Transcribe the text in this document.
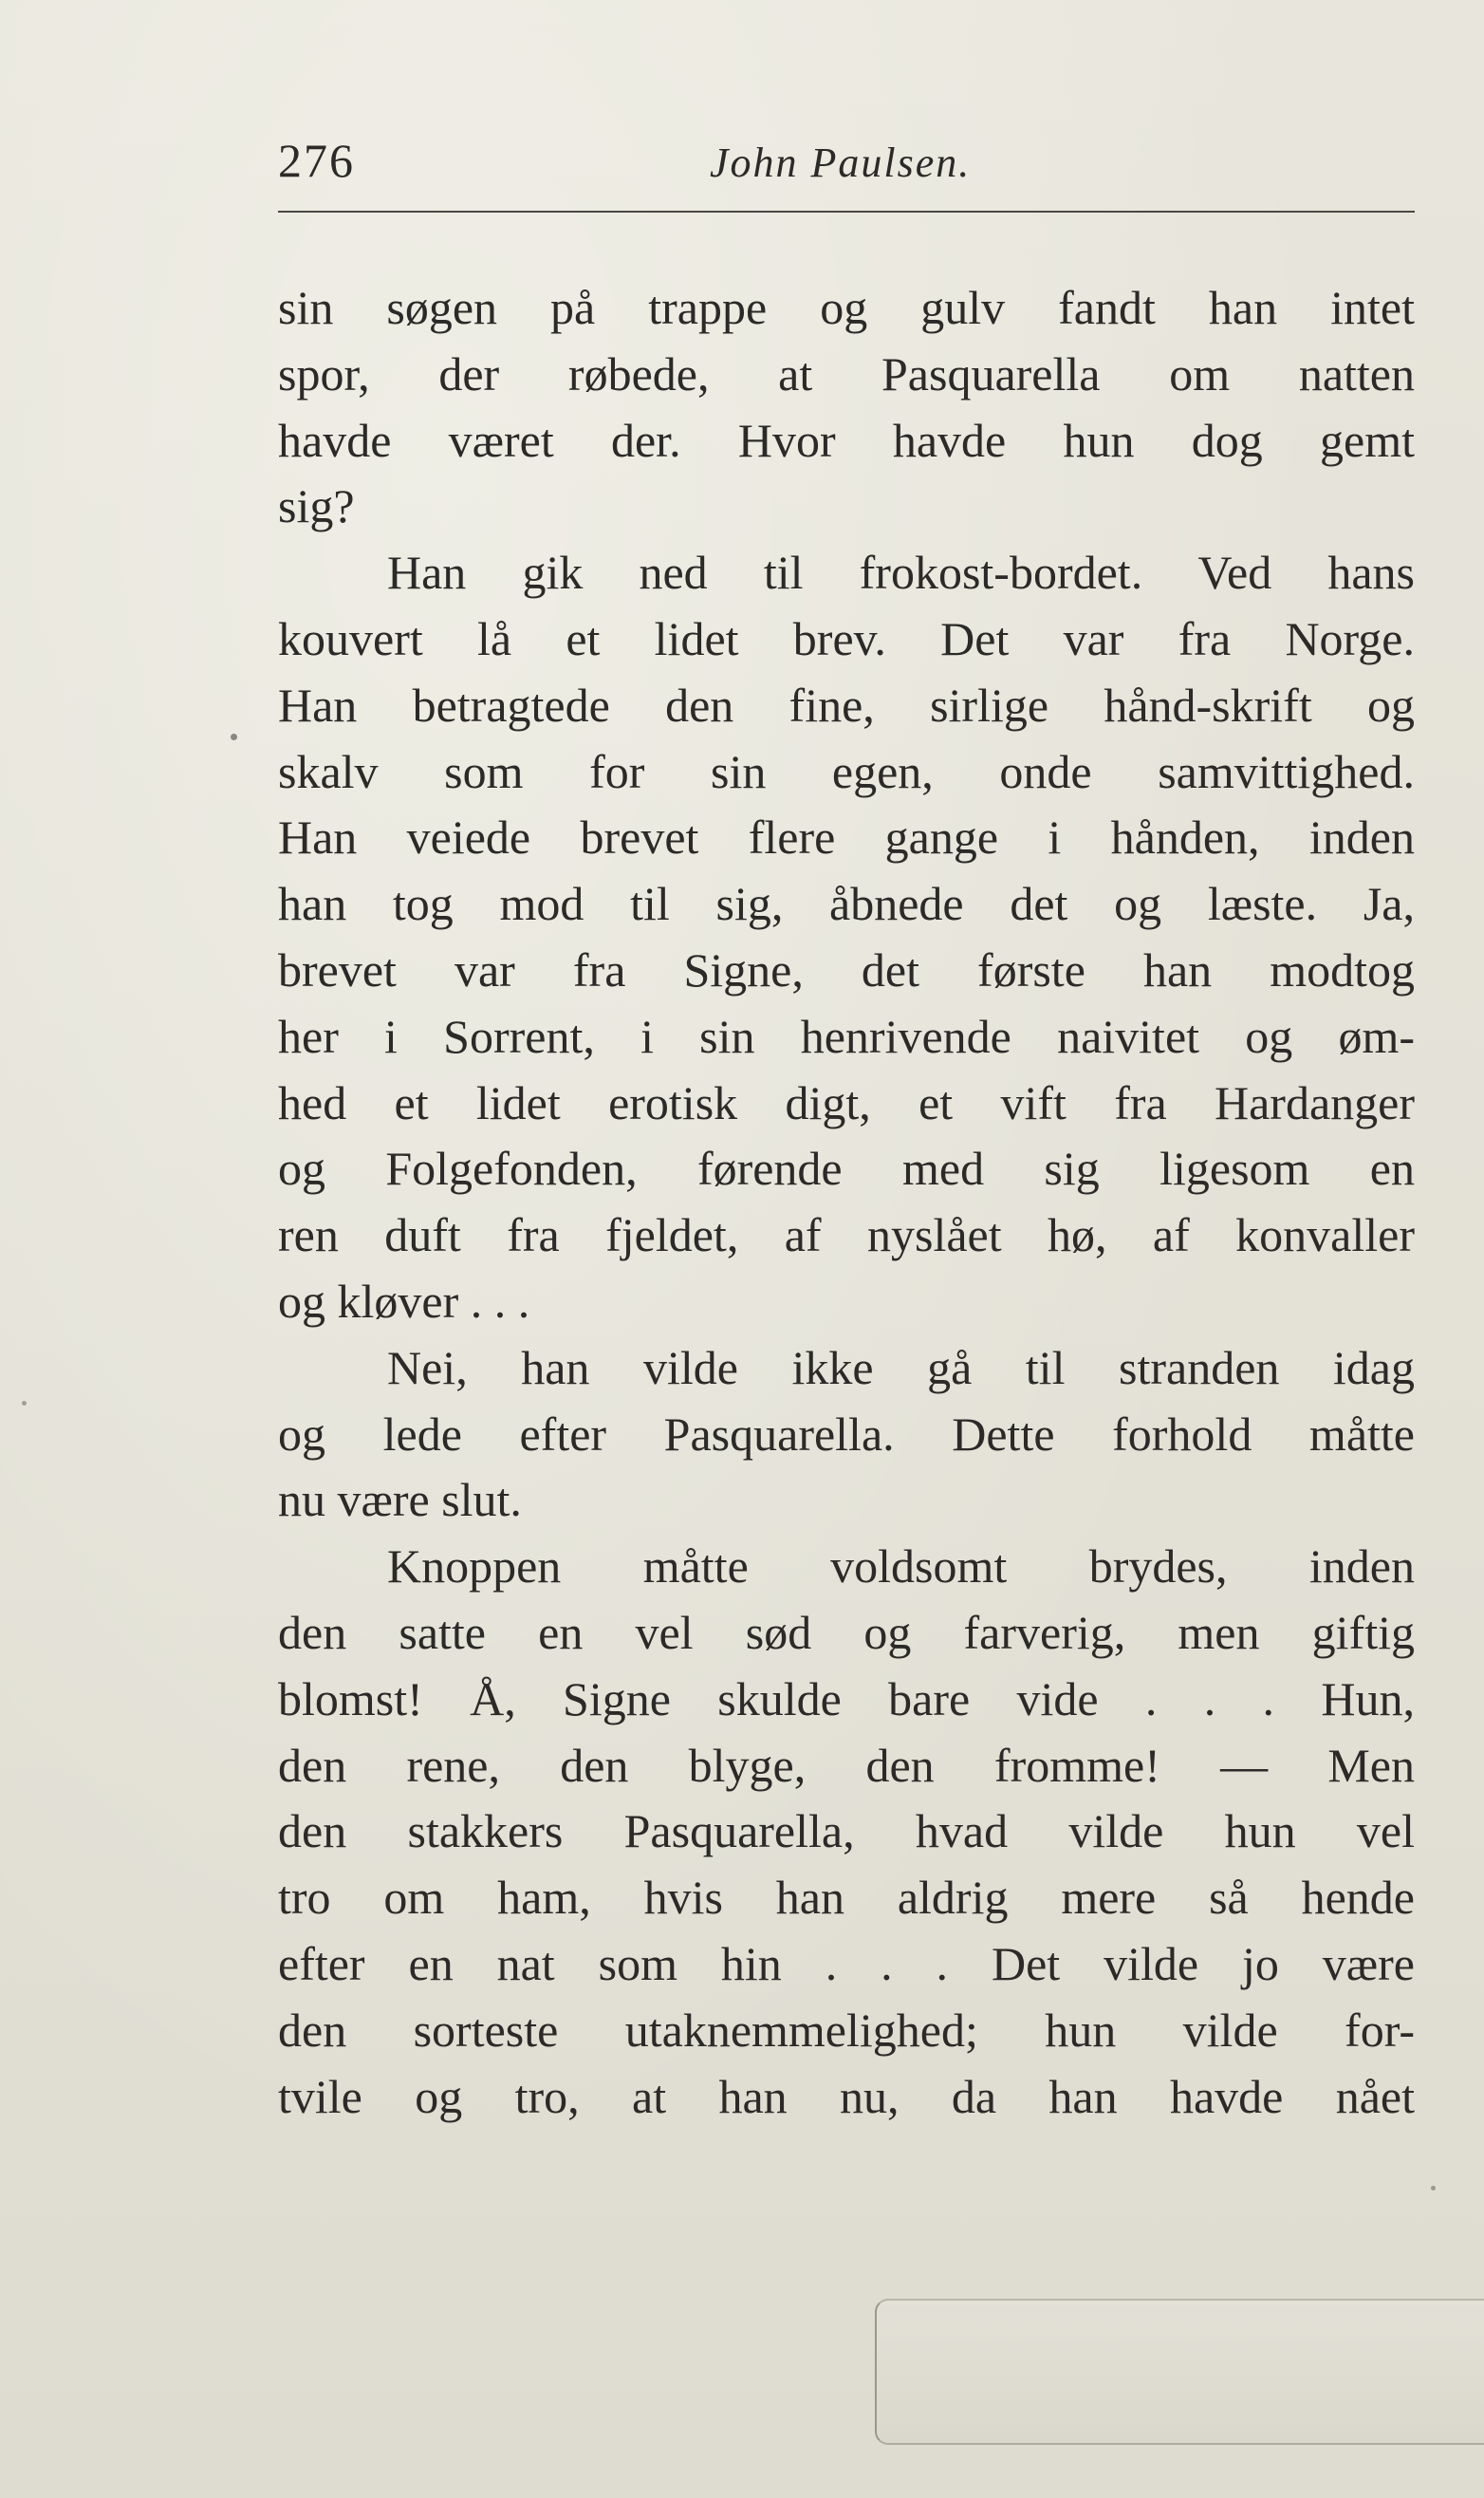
276	John Paulsen.
sin søgen på trappe og gulv fandt han intet
spor, der røbede, at Pasquarella om natten
havde været der. Hvor havde hun dog gemt
sig?
Han gik ned til frokost-bordet. Ved hans
kouvert lå et lidet brev. Det var fra Norge.
Han betragtede den fine, sirlige hånd-skrift og
skalv som for sin egen, onde samvittighed.
Han veiede brevet flere gange i hånden, inden
han tog mod til sig, åbnede det og læste. Ja,
brevet var fra Signe, det første han modtog
her i Sorrent, i sin henrivende naivitet og øm-
hed et lidet erotisk digt, et vift fra Hardanger
og Folgefonden, førende med sig ligesom en
ren duft fra fjeldet, af nyslået hø, af konvaller
og kløver . . .
Nei, han vilde ikke gå til stranden idag
og lede efter Pasquarella. Dette forhold måtte
nu være slut.
Knoppen måtte voldsomt brydes, inden
den satte en vel sød og farverig, men giftig
blomst! Å, Signe skulde bare vide . . . Hun,
den rene, den blyge, den fromme! — Men
den stakkers Pasquarella, hvad vilde hun vel
tro om ham, hvis han aldrig mere så hende
efter en nat som hin . . . Det vilde jo være
den sorteste utaknemmelighed; hun vilde for-
tvile og tro, at han nu, da han havde nået
